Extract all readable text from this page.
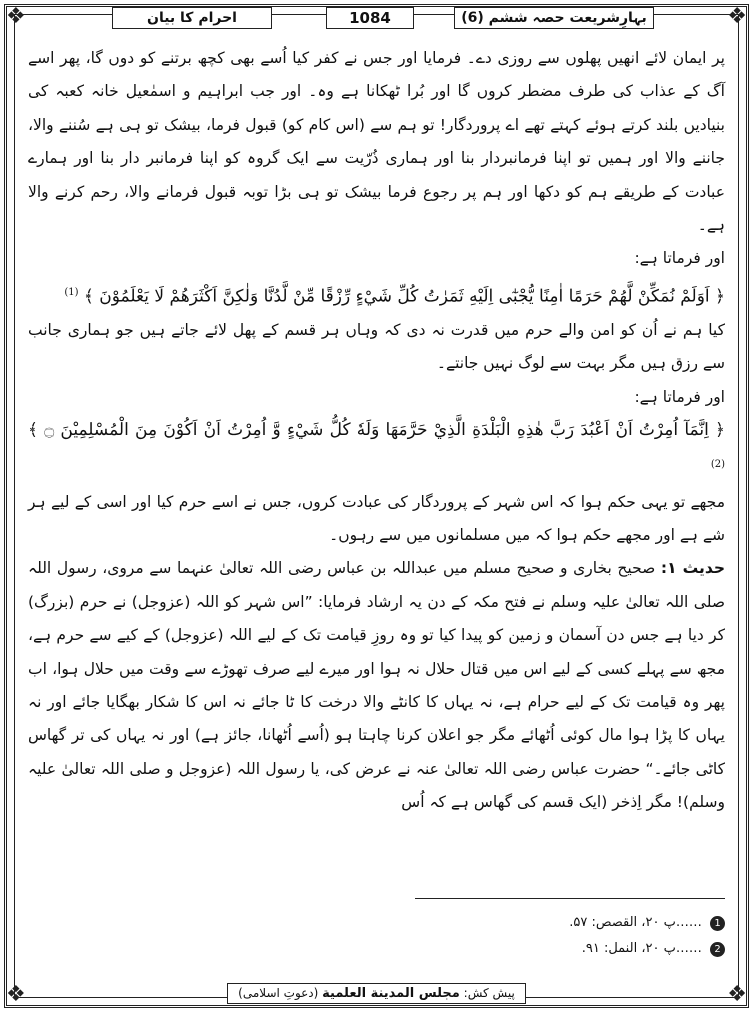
❖	❖
❖	❖
احرام کا بیان	1084	بہارِشریعت حصہ ششم (6)

پر ایمان لائے انھیں پھلوں سے روزی دے۔ فرمایا اور جس نے کفر کیا اُسے بھی کچھ برتنے کو دوں گا، پھر اسے آگ کے عذاب کی طرف مضطر کروں گا اور بُرا ٹھکانا ہے وہ۔ اور جب ابراہیم و اسمٰعیل خانہ کعبہ کی بنیادیں بلند کرتے ہوئے کہتے تھے اے پروردگار! تو ہم سے (اس کام کو) قبول فرما، بیشک تو ہی ہے سُننے والا، جاننے والا اور ہمیں تو اپنا فرمانبردار بنا اور ہماری ذُرّیت سے ایک گروہ کو اپنا فرمانبر دار بنا اور ہمارے عبادت کے طریقے ہم کو دکھا اور ہم پر رجوع فرما بیشک تو ہی بڑا توبہ قبول فرمانے والا، رحم کرنے والا ہے۔

اور فرماتا ہے:

﴿ اَوَلَمْ نُمَكِّنْ لَّهُمْ حَرَمًا اٰمِنًا يُّجْبٰٓى اِلَيْهِ ثَمَرٰتُ كُلِّ شَيْءٍ رِّزْقًا مِّنْ لَّدُنَّا وَلٰكِنَّ اَكْثَرَهُمْ لَا يَعْلَمُوْنَ ﴾ $^{(1)}$

کیا ہم نے اُن کو امن والے حرم میں قدرت نہ دی کہ وہاں ہر قسم کے پھل لائے جاتے ہیں جو ہماری جانب سے رزق ہیں مگر بہت سے لوگ نہیں جانتے۔

اور فرماتا ہے:

﴿ اِنَّمَآ اُمِرْتُ اَنْ اَعْبُدَ رَبَّ هٰذِهِ الْبَلْدَةِ الَّذِيْ حَرَّمَهَا وَلَهٗ كُلُّ شَيْءٍ وَّ اُمِرْتُ اَنْ اَكُوْنَ مِنَ الْمُسْلِمِيْنَ ۝ ﴾ $^{(2)}$

مجھے تو یہی حکم ہوا کہ اس شہر کے پروردگار کی عبادت کروں، جس نے اسے حرم کیا اور اسی کے لیے ہر شے ہے اور مجھے حکم ہوا کہ میں مسلمانوں میں سے رہوں۔

حدیث ۱: صحیح بخاری و صحیح مسلم میں عبداللہ بن عباس رضی اللہ تعالیٰ عنہما سے مروی، رسول اللہ صلی اللہ تعالیٰ علیہ وسلم نے فتح مکہ کے دن یہ ارشاد فرمایا: ”اس شہر کو اللہ (عزوجل) نے حرم (بزرگ) کر دیا ہے جس دن آسمان و زمین کو پیدا کیا تو وہ روزِ قیامت تک کے لیے اللہ (عزوجل) کے کیے سے حرم ہے، مجھ سے پہلے کسی کے لیے اس میں قتال حلال نہ ہوا اور میرے لیے صرف تھوڑے سے وقت میں حلال ہوا، اب پھر وہ قیامت تک کے لیے حرام ہے، نہ یہاں کا کانٹے والا درخت کا ٹا جائے نہ اس کا شکار بھگایا جائے اور نہ یہاں کا پڑا ہوا مال کوئی اُٹھائے مگر جو اعلان کرنا چاہتا ہو (اُسے اُٹھانا، جائز ہے) اور نہ یہاں کی تر گھاس کاٹی جائے۔“ حضرت عباس رضی اللہ تعالیٰ عنہ نے عرض کی، یا رسول اللہ (عزوجل و صلی اللہ تعالیٰ علیہ وسلم)! مگر اِذخر (ایک قسم کی گھاس ہے کہ اُس

1 ……پ ۲۰، القصص: ۵۷.
2 ……پ ۲۰، النمل: ۹۱.
پیش کش: مجلس المدينة العلمية (دعوتِ اسلامی)
